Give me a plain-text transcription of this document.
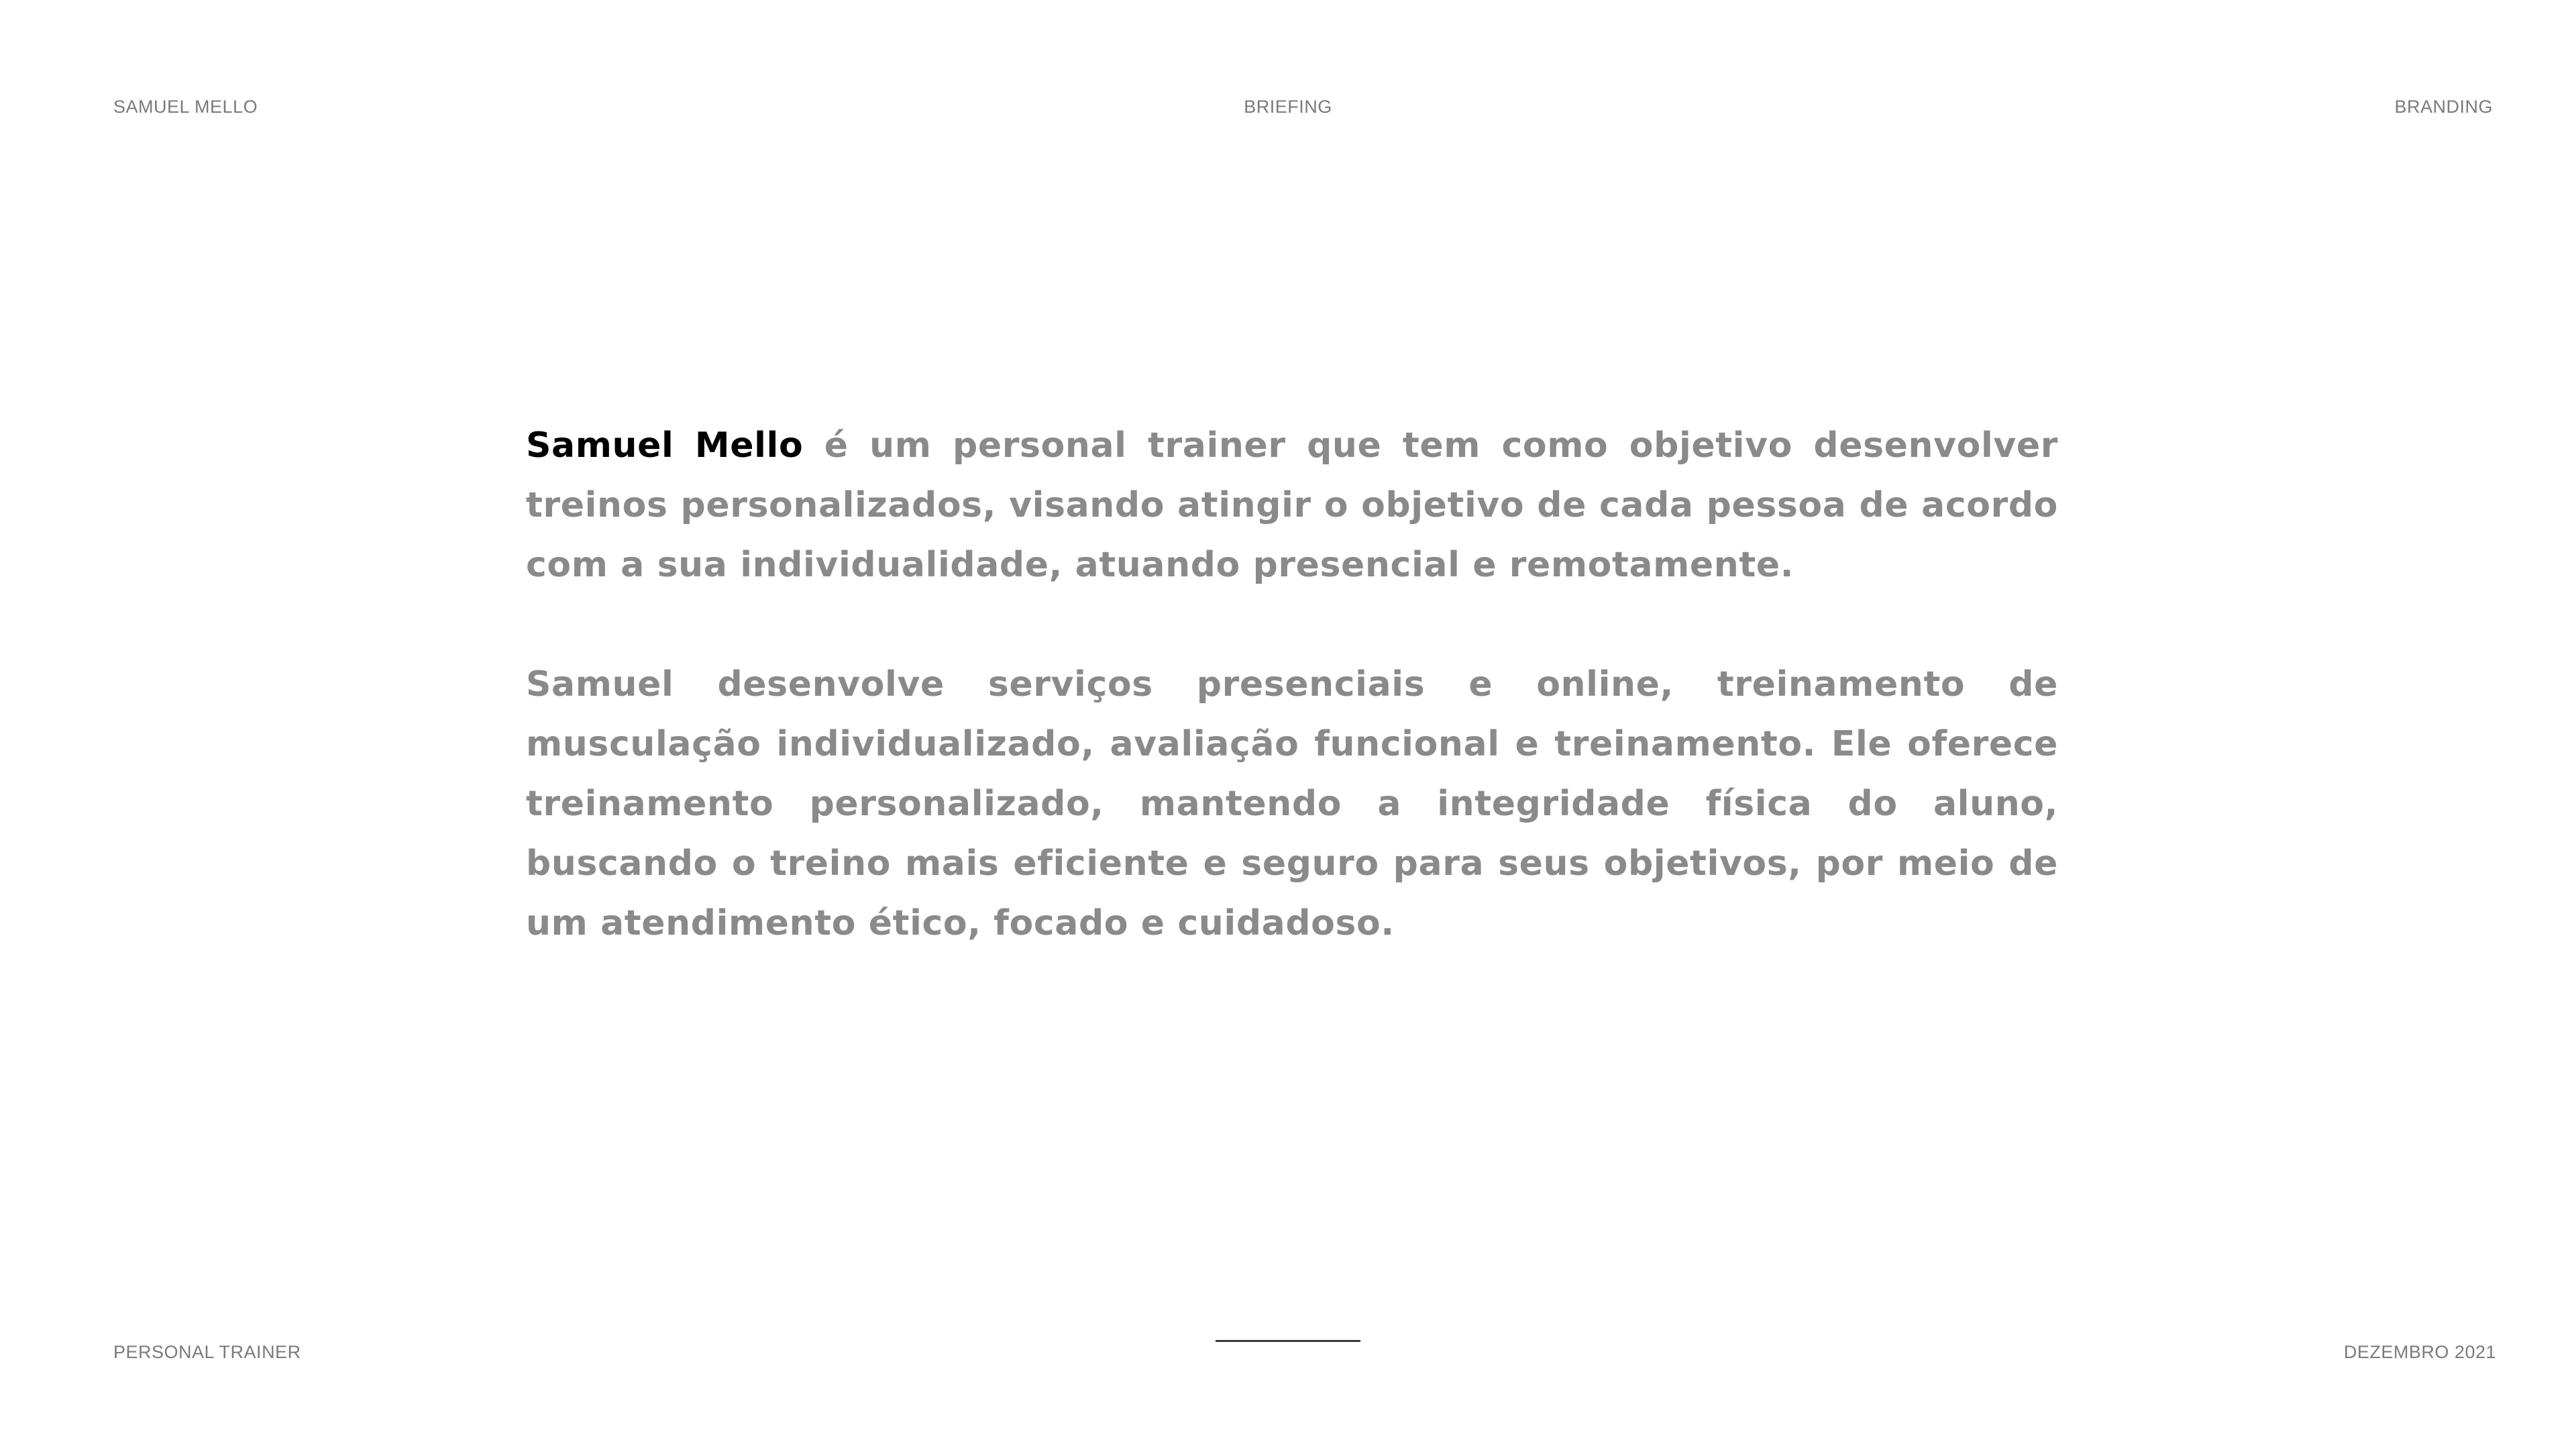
SAMUEL MELLO	BRIEFING	BRANDING

Samuel Mello é um personal trainer que tem como objetivo desenvolver treinos personalizados, visando atingir o objetivo de cada pessoa de acordo com a sua individualidade, atuando presencial e remotamente.

Samuel desenvolve serviços presenciais e online, treinamento de musculação individualizado, avaliação funcional e treinamento. Ele oferece treinamento personalizado, mantendo a integridade física do aluno, buscando o treino mais eficiente e seguro para seus objetivos, por meio de um atendimento ético, focado e cuidadoso.

PERSONAL TRAINER	DEZEMBRO 2021
